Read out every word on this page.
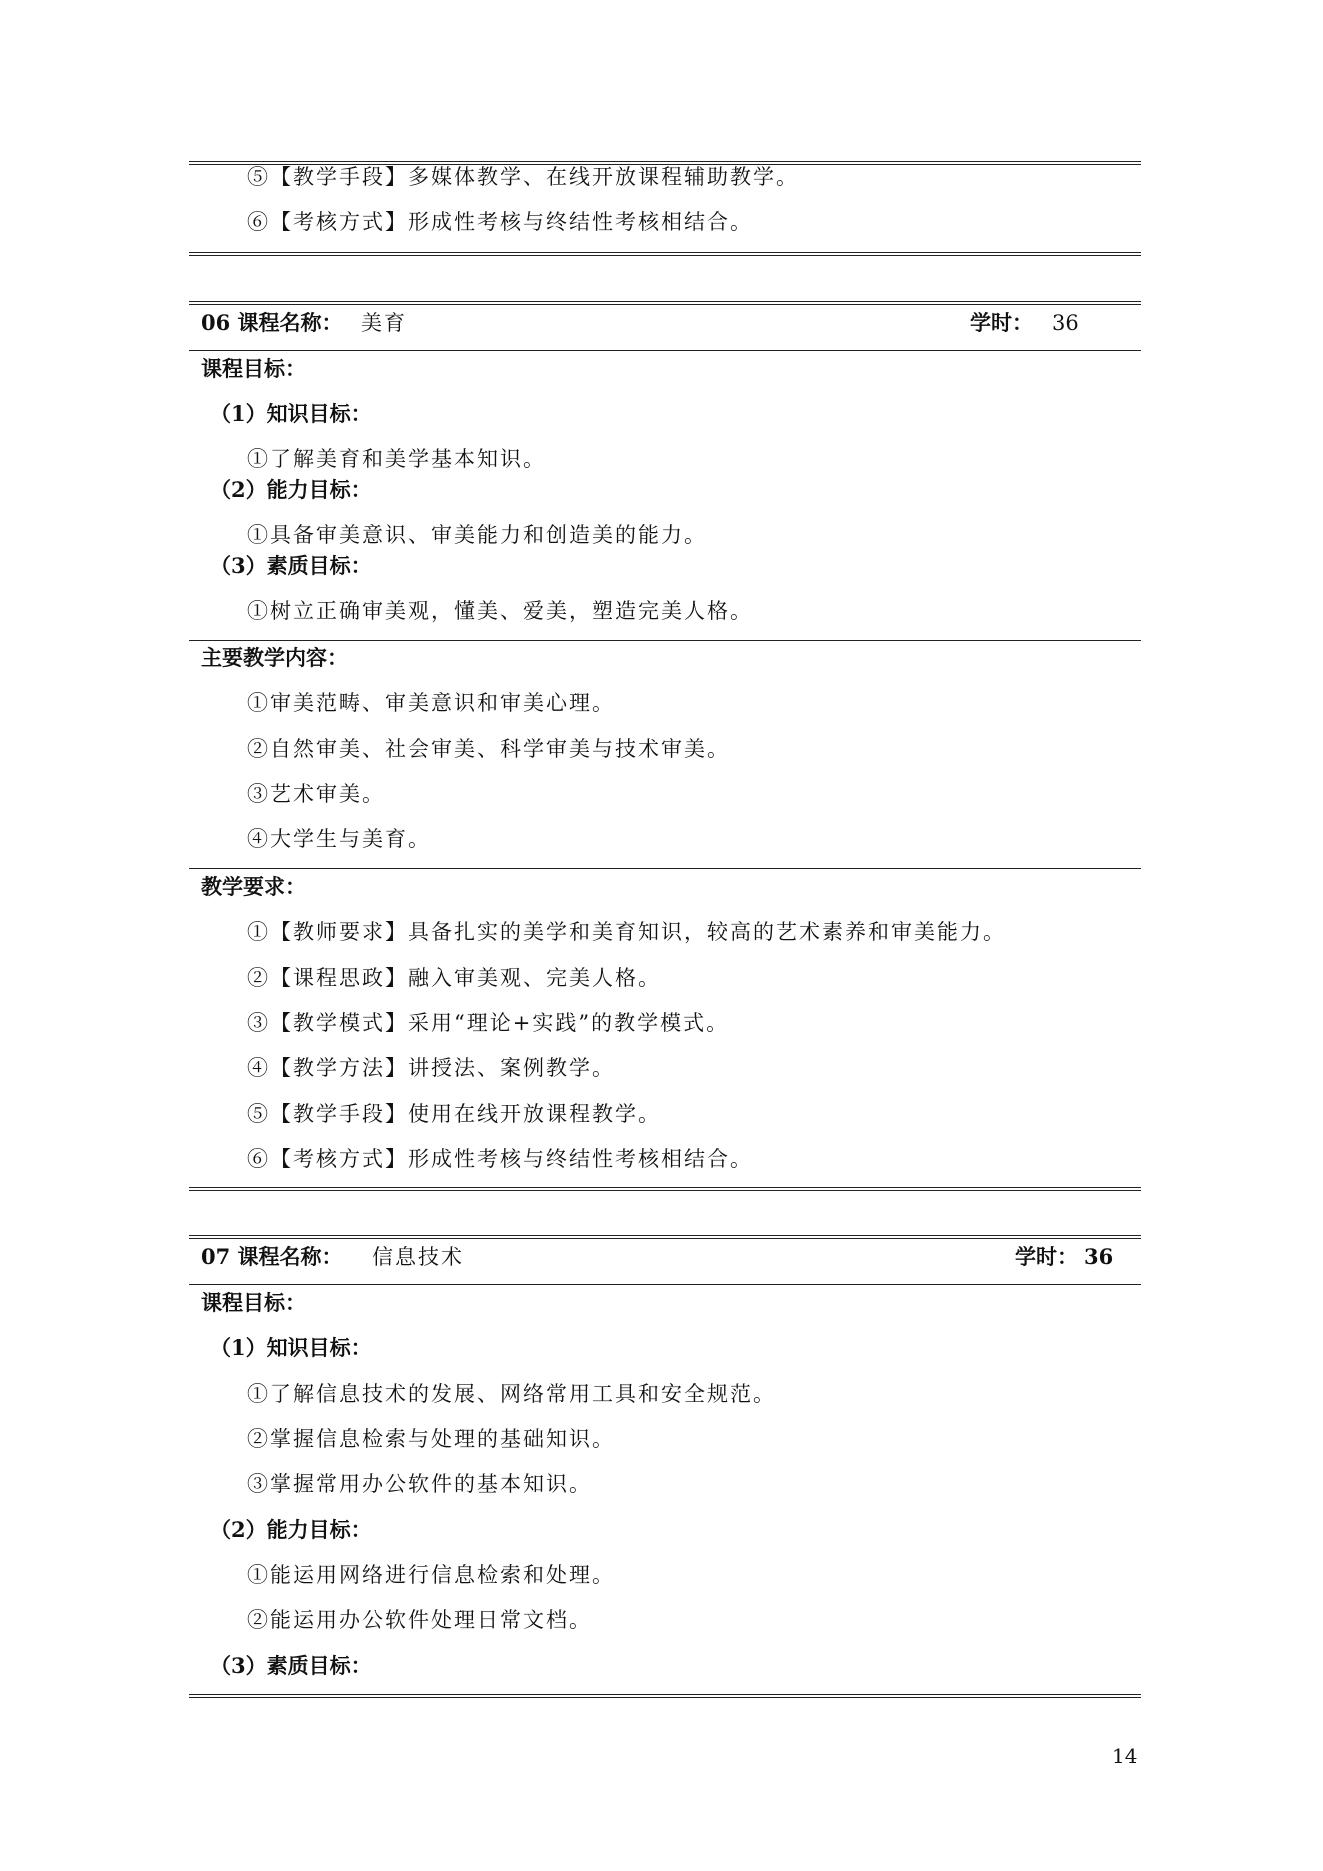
⑤【教学手段】多媒体教学、在线开放课程辅助教学。
⑥【考核方式】形成性考核与终结性考核相结合。
06 课程名称： 美育	学时： 36
课程目标：
（1）知识目标：
①了解美育和美学基本知识。
（2）能力目标：
①具备审美意识、审美能力和创造美的能力。
（3）素质目标：
①树立正确审美观，懂美、爱美，塑造完美人格。
主要教学内容：
①审美范畴、审美意识和审美心理。
②自然审美、社会审美、科学审美与技术审美。
③艺术审美。
④大学生与美育。
教学要求：
①【教师要求】具备扎实的美学和美育知识，较高的艺术素养和审美能力。
②【课程思政】融入审美观、完美人格。
③【教学模式】采用“理论+实践”的教学模式。
④【教学方法】讲授法、案例教学。
⑤【教学手段】使用在线开放课程教学。
⑥【考核方式】形成性考核与终结性考核相结合。
07 课程名称： 信息技术	学时： 36
课程目标：
（1）知识目标：
①了解信息技术的发展、网络常用工具和安全规范。
②掌握信息检索与处理的基础知识。
③掌握常用办公软件的基本知识。
（2）能力目标：
①能运用网络进行信息检索和处理。
②能运用办公软件处理日常文档。
（3）素质目标：
14
